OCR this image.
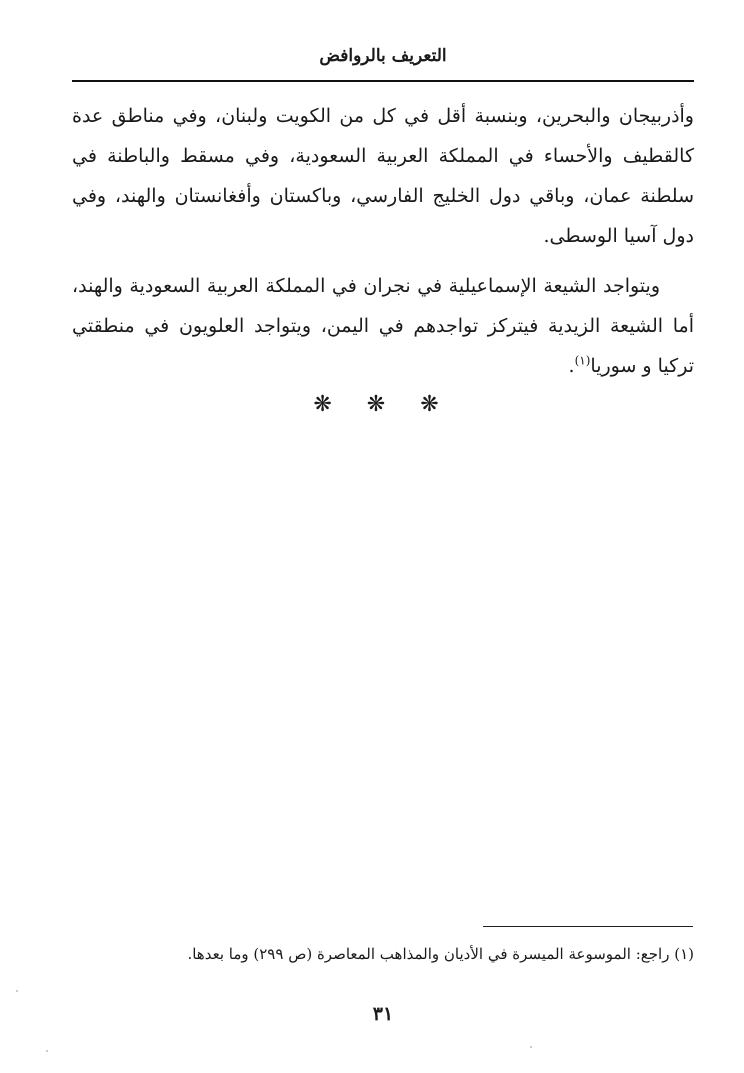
التعريف بالروافض

وأذربيجان والبحرين، وبنسبة أقل في كل من الكويت ولبنان، وفي مناطق عدة كالقطيف والأحساء في المملكة العربية السعودية، وفي مسقط والباطنة في سلطنة عمان، وباقي دول الخليج الفارسي، وباكستان وأفغانستان والهند، وفي دول آسيا الوسطى.

ويتواجد الشيعة الإسماعيلية في نجران في المملكة العربية السعودية والهند، أما الشيعة الزيدية فيتركز تواجدهم في اليمن، ويتواجد العلويون في منطقتي تركيا و سوريا$^{(١)}$.

❋ ❋ ❋
(١) راجع: الموسوعة الميسرة في الأديان والمذاهب المعاصرة (ص ٢٩٩) وما بعدها.
٣١
